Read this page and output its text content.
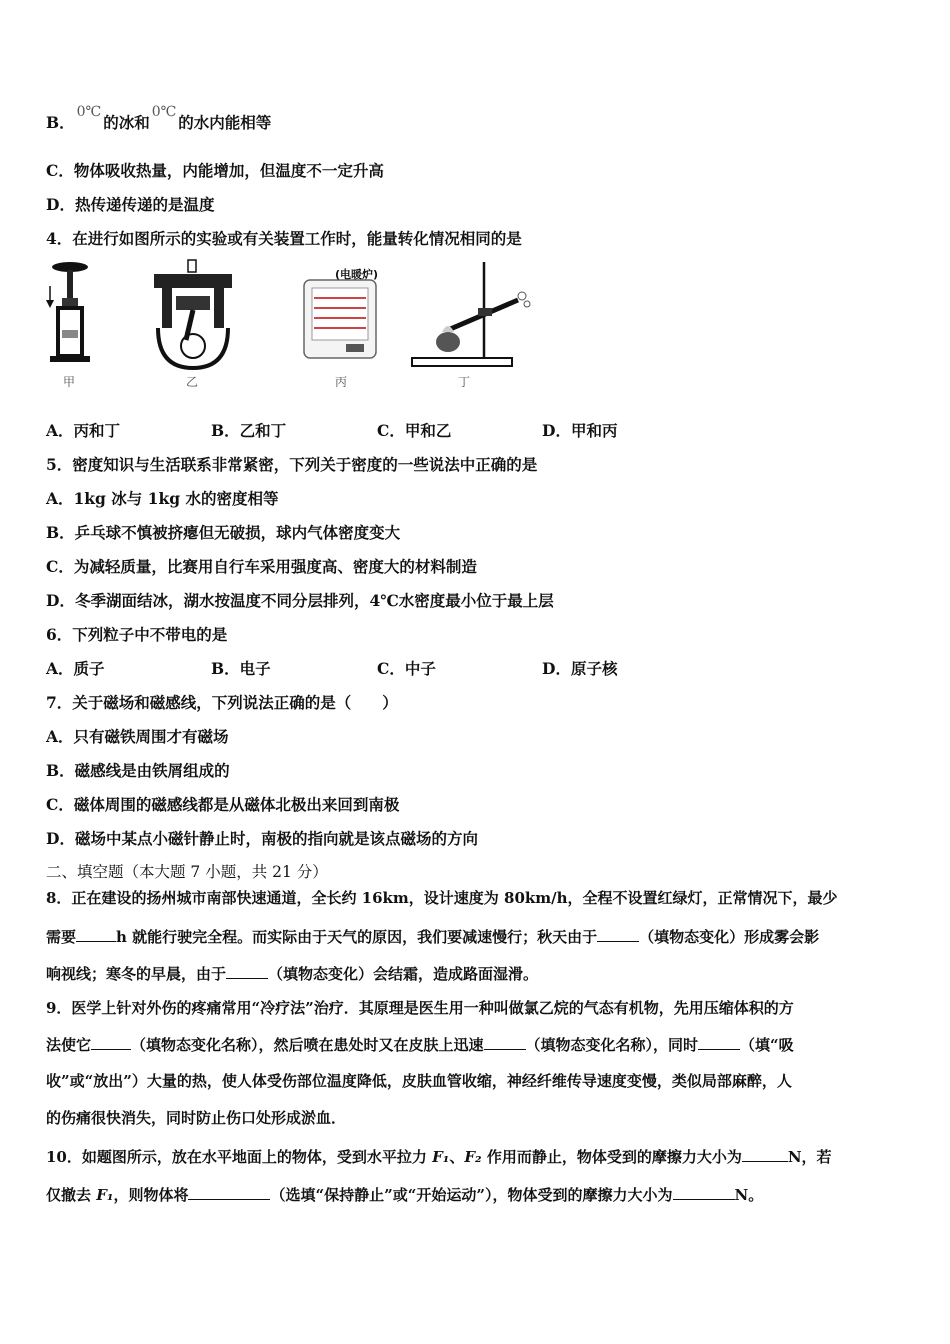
B．0℃的冰和0℃的水内能相等
C．物体吸收热量，内能增加，但温度不一定升高
D．热传递传递的是温度
4．在进行如图所示的实验或有关装置工作时，能量转化情况相同的是
甲	乙
(电暖炉)
丙	丁
A．丙和丁	B．乙和丁	C．甲和乙	D．甲和丙
5．密度知识与生活联系非常紧密，下列关于密度的一些说法中正确的是
A．1kg 冰与 1kg 水的密度相等
B．乒乓球不慎被挤瘪但无破损，球内气体密度变大
C．为减轻质量，比赛用自行车采用强度高、密度大的材料制造
D．冬季湖面结冰，湖水按温度不同分层排列，4℃水密度最小位于最上层
6．下列粒子中不带电的是
A．质子	B．电子	C．中子	D．原子核
7．关于磁场和磁感线，下列说法正确的是（　　）
A．只有磁铁周围才有磁场
B．磁感线是由铁屑组成的
C．磁体周围的磁感线都是从磁体北极出来回到南极
D．磁场中某点小磁针静止时，南极的指向就是该点磁场的方向
二、填空题（本大题 7 小题，共 21 分）
8．正在建设的扬州城市南部快速通道，全长约 16km，设计速度为 80km/h，全程不设置红绿灯，正常情况下，最少
需要	h 就能行驶完全程。而实际由于天气的原因，我们要减速慢行；秋天由于	（填物态变化）形成雾会影
响视线；寒冬的早晨，由于	（填物态变化）会结霜，造成路面湿滑。
9．医学上针对外伤的疼痛常用“冷疗法”治疗．其原理是医生用一种叫做氯乙烷的气态有机物，先用压缩体积的方
法使它	（填物态变化名称），然后喷在患处时又在皮肤上迅速	（填物态变化名称），同时	（填“吸
收”或“放出”）大量的热，使人体受伤部位温度降低，皮肤血管收缩，神经纤维传导速度变慢，类似局部麻醉，人
的伤痛很快消失，同时防止伤口处形成淤血．
10．如题图所示，放在水平地面上的物体，受到水平拉力 F₁、F₂ 作用而静止，物体受到的摩擦力大小为	N，若
仅撤去 F₁，则物体将	（选填“保持静止”或“开始运动”），物体受到的摩擦力大小为	N。
